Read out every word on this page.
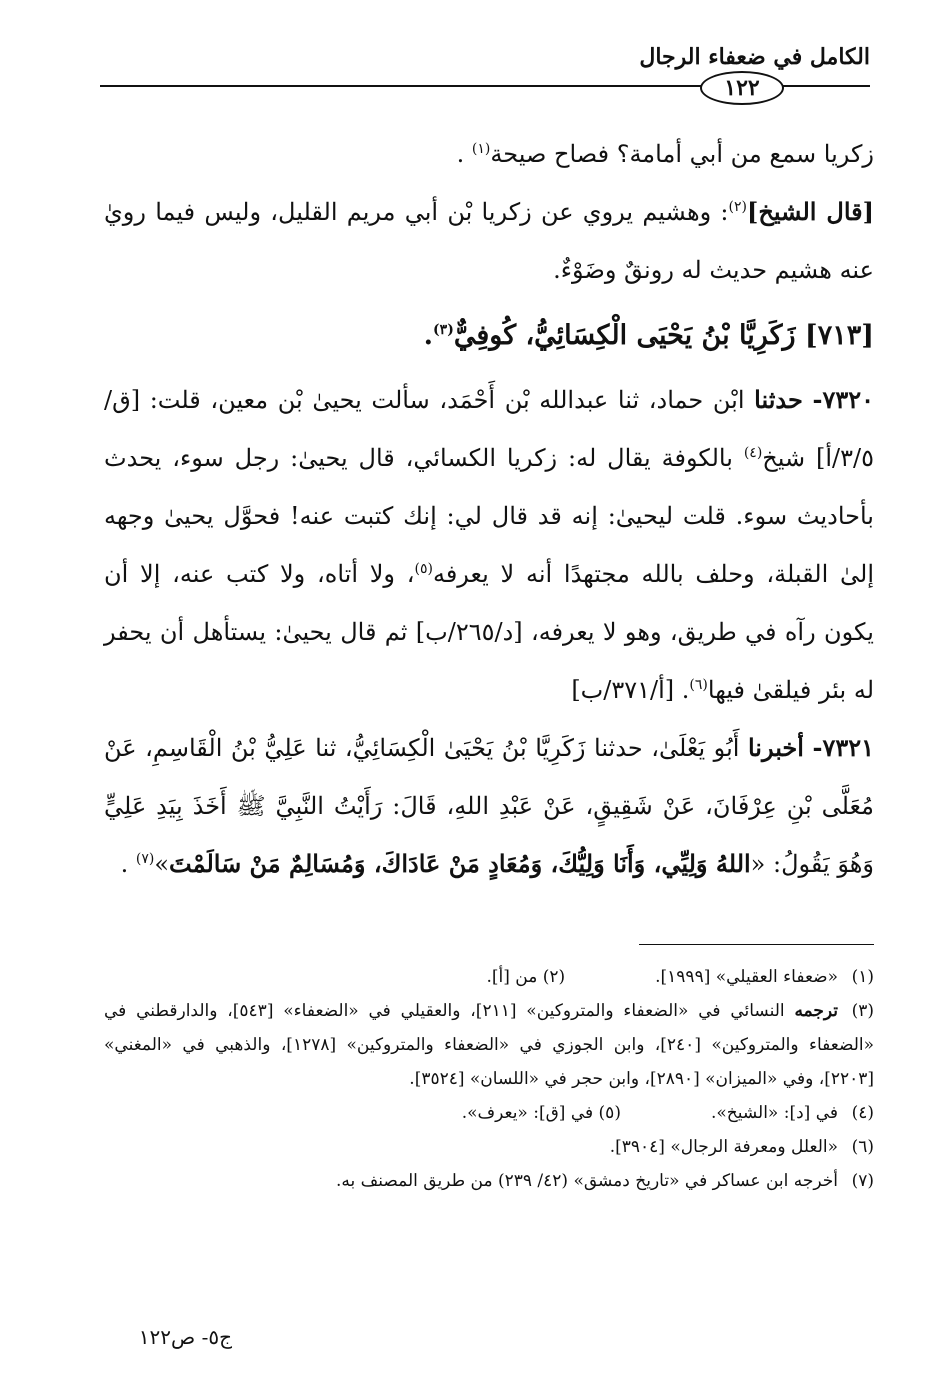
الكامل في ضعفاء الرجال
١٢٢

زكريا سمع من أبي أمامة؟ فصاح صيحة$^{(١)}$ .

[قال الشيخ]$^{(٢)}$: وهشيم يروي عن زكريا بْن أبي مريم القليل، وليس فيما رويٰ عنه هشيم حديث له رونقٌ وضَوْءٌ.

[٧١٣] زَكَرِيَّا بْنُ يَحْيَى الْكِسَائِيُّ، كُوفِيٌّ$^{(٣)}$.

٧٣٢٠- حدثنا ابْن حماد، ثنا عبدالله بْن أَحْمَد، سألت يحيىٰ بْن معين، قلت: [ق/٣/٥/أ] شيخ$^{(٤)}$ بالكوفة يقال له: زكريا الكسائي، قال يحيىٰ: رجل سوء، يحدث بأحاديث سوء. قلت ليحيىٰ: إنه قد قال لي: إنك كتبت عنه! فحوَّل يحيىٰ وجهه إلىٰ القبلة، وحلف بالله مجتهدًا أنه لا يعرفه$^{(٥)}$، ولا أتاه، ولا كتب عنه، إلا أن يكون رآه في طريق، وهو لا يعرفه، [د/٢٦٥/ب] ثم قال يحيىٰ: يستأهل أن يحفر له بئر فيلقىٰ فيها$^{(٦)}$. [أ/٣٧١/ب]

٧٣٢١- أخبرنا أَبُو يَعْلَىٰ، حدثنا زَكَرِيَّا بْنُ يَحْيَىٰ الْكِسَائِيُّ، ثنا عَلِيُّ بْنُ الْقَاسِمِ، عَنْ مُعَلَّى بْنِ عِرْفَانَ، عَنْ شَقِيقٍ، عَنْ عَبْدِ اللهِ، قَالَ: رَأَيْتُ النَّبِيَّ ﷺ أَخَذَ بِيَدِ عَلِيٍّ وَهُوَ يَقُولُ: «اللهُ وَلِيِّي، وَأَنَا وَلِيُّكَ، وَمُعَادٍ مَنْ عَادَاكَ، وَمُسَالِمٌ مَنْ سَالَمْتَ»$^{(٧)}$ .

(١)«ضعفاء العقيلي» [١٩٩٩].(٢) من [أ].

(٣)ترجمه النسائي في «الضعفاء والمتروكين» [٢١١]، والعقيلي في «الضعفاء» [٥٤٣]، والدارقطني في «الضعفاء والمتروكين» [٢٤٠]، وابن الجوزي في «الضعفاء والمتروكين» [١٢٧٨]، والذهبي في «المغني» [٢٢٠٣]، وفي «الميزان» [٢٨٩٠]، وابن حجر في «اللسان» [٣٥٢٤].

(٤)في [د]: «الشيخ».(٥) في [ق]: «يعرف».

(٦)«العلل ومعرفة الرجال» [٣٩٠٤].

(٧)أخرجه ابن عساكر في «تاريخ دمشق» (٤٢/ ٢٣٩) من طريق المصنف به.

ج٥- ص١٢٢
